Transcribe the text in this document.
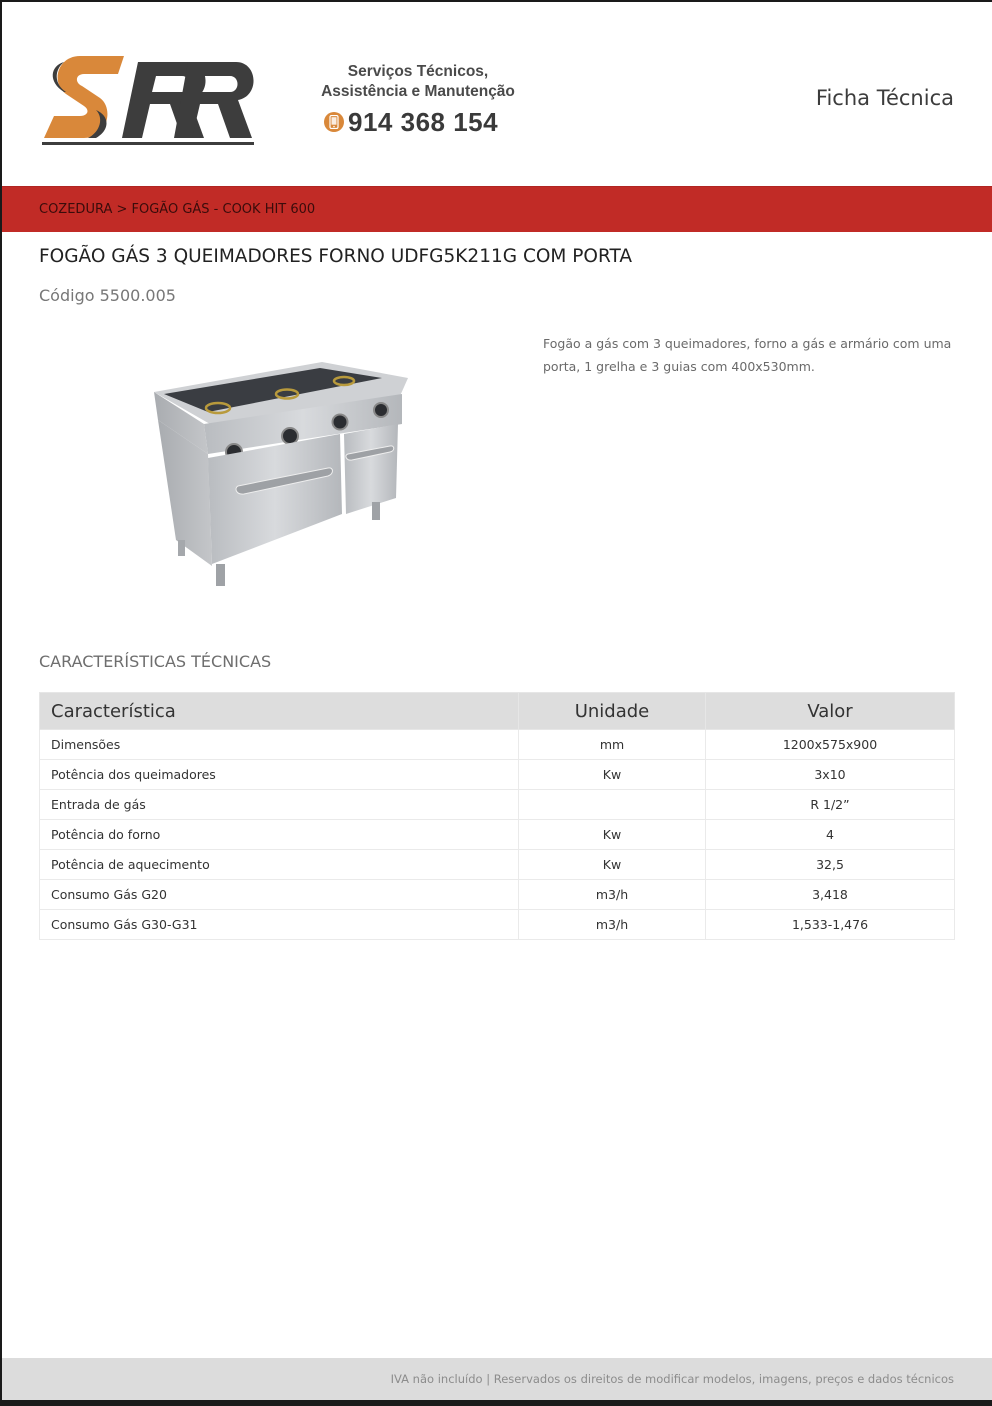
Serviços Técnicos,
Assistência e Manutenção
914 368 154
Ficha Técnica
COZEDURA > FOGÃO GÁS - COOK HIT 600
FOGÃO GÁS 3 QUEIMADORES FORNO UDFG5K211G COM PORTA
Código 5500.005
Fogão a gás com 3 queimadores, forno a gás e armário com uma porta, 1 grelha e 3 guias com 400x530mm.
CARACTERÍSTICAS TÉCNICAS
Característica	Unidade	Valor
Dimensões	mm	1200x575x900
Potência dos queimadores	Kw	3x10
Entrada de gás		R 1/2”
Potência do forno	Kw	4
Potência de aquecimento	Kw	32,5
Consumo Gás G20	m3/h	3,418
Consumo Gás G30-G31	m3/h	1,533-1,476
IVA não incluído | Reservados os direitos de modificar modelos, imagens, preços e dados técnicos
